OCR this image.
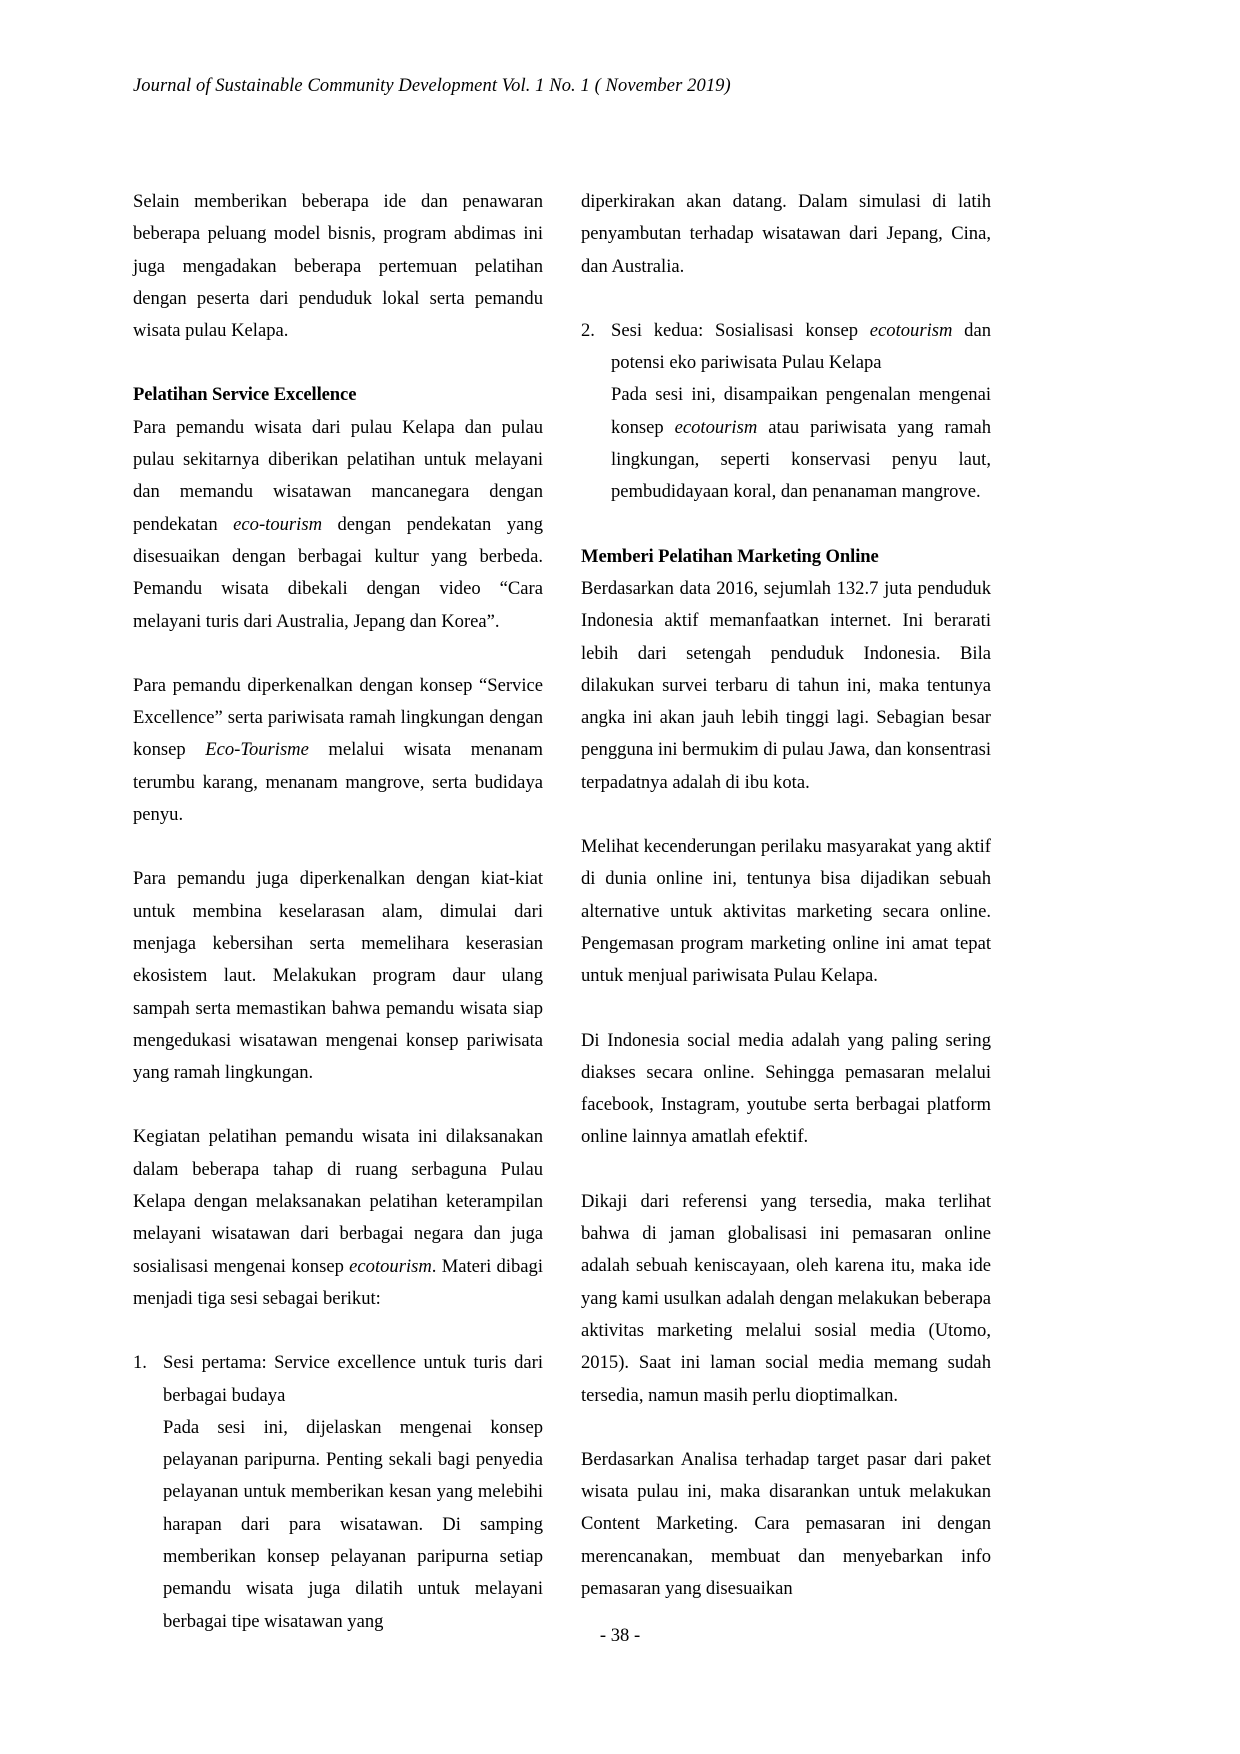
Journal of Sustainable Community Development Vol. 1 No. 1 ( November 2019)

Selain memberikan beberapa ide dan penawaran beberapa peluang model bisnis, program abdimas ini juga mengadakan beberapa pertemuan pelatihan dengan peserta dari penduduk lokal serta pemandu wisata pulau Kelapa.

Pelatihan Service Excellence

Para pemandu wisata dari pulau Kelapa dan pulau pulau sekitarnya diberikan pelatihan untuk melayani dan memandu wisatawan mancanegara dengan pendekatan eco-tourism dengan pendekatan yang disesuaikan dengan berbagai kultur yang berbeda. Pemandu wisata dibekali dengan video “Cara melayani turis dari Australia, Jepang dan Korea”.

Para pemandu diperkenalkan dengan konsep “Service Excellence” serta pariwisata ramah lingkungan dengan konsep Eco-Tourisme melalui wisata menanam terumbu karang, menanam mangrove, serta budidaya penyu.

Para pemandu juga diperkenalkan dengan kiat-kiat untuk membina keselarasan alam, dimulai dari menjaga kebersihan serta memelihara keserasian ekosistem laut. Melakukan program daur ulang sampah serta memastikan bahwa pemandu wisata siap mengedukasi wisatawan mengenai konsep pariwisata yang ramah lingkungan.

Kegiatan pelatihan pemandu wisata ini dilaksanakan dalam beberapa tahap di ruang serbaguna Pulau Kelapa dengan melaksanakan pelatihan keterampilan melayani wisatawan dari berbagai negara dan juga sosialisasi mengenai konsep ecotourism. Materi dibagi menjadi tiga sesi sebagai berikut:

1. Sesi pertama: Service excellence untuk turis dari berbagai budaya
Pada sesi ini, dijelaskan mengenai konsep pelayanan paripurna. Penting sekali bagi penyedia pelayanan untuk memberikan kesan yang melebihi harapan dari para wisatawan. Di samping memberikan konsep pelayanan paripurna setiap pemandu wisata juga dilatih untuk melayani berbagai tipe wisatawan yang

diperkirakan akan datang. Dalam simulasi di latih penyambutan terhadap wisatawan dari Jepang, Cina, dan Australia.

2. Sesi kedua: Sosialisasi konsep ecotourism dan potensi eko pariwisata Pulau Kelapa
Pada sesi ini, disampaikan pengenalan mengenai konsep ecotourism atau pariwisata yang ramah lingkungan, seperti konservasi penyu laut, pembudidayaan koral, dan penanaman mangrove.
Memberi Pelatihan Marketing Online

Berdasarkan data 2016, sejumlah 132.7 juta penduduk Indonesia aktif memanfaatkan internet. Ini berarati lebih dari setengah penduduk Indonesia. Bila dilakukan survei terbaru di tahun ini, maka tentunya angka ini akan jauh lebih tinggi lagi. Sebagian besar pengguna ini bermukim di pulau Jawa, dan konsentrasi terpadatnya adalah di ibu kota.

Melihat kecenderungan perilaku masyarakat yang aktif di dunia online ini, tentunya bisa dijadikan sebuah alternative untuk aktivitas marketing secara online. Pengemasan program marketing online ini amat tepat untuk menjual pariwisata Pulau Kelapa.

Di Indonesia social media adalah yang paling sering diakses secara online. Sehingga pemasaran melalui facebook, Instagram, youtube serta berbagai platform online lainnya amatlah efektif.

Dikaji dari referensi yang tersedia, maka terlihat bahwa di jaman globalisasi ini pemasaran online adalah sebuah keniscayaan, oleh karena itu, maka ide yang kami usulkan adalah dengan melakukan beberapa aktivitas marketing melalui sosial media (Utomo, 2015). Saat ini laman social media memang sudah tersedia, namun masih perlu dioptimalkan.

Berdasarkan Analisa terhadap target pasar dari paket wisata pulau ini, maka disarankan untuk melakukan Content Marketing. Cara pemasaran ini dengan merencanakan, membuat dan menyebarkan info pemasaran yang disesuaikan

- 38 -
